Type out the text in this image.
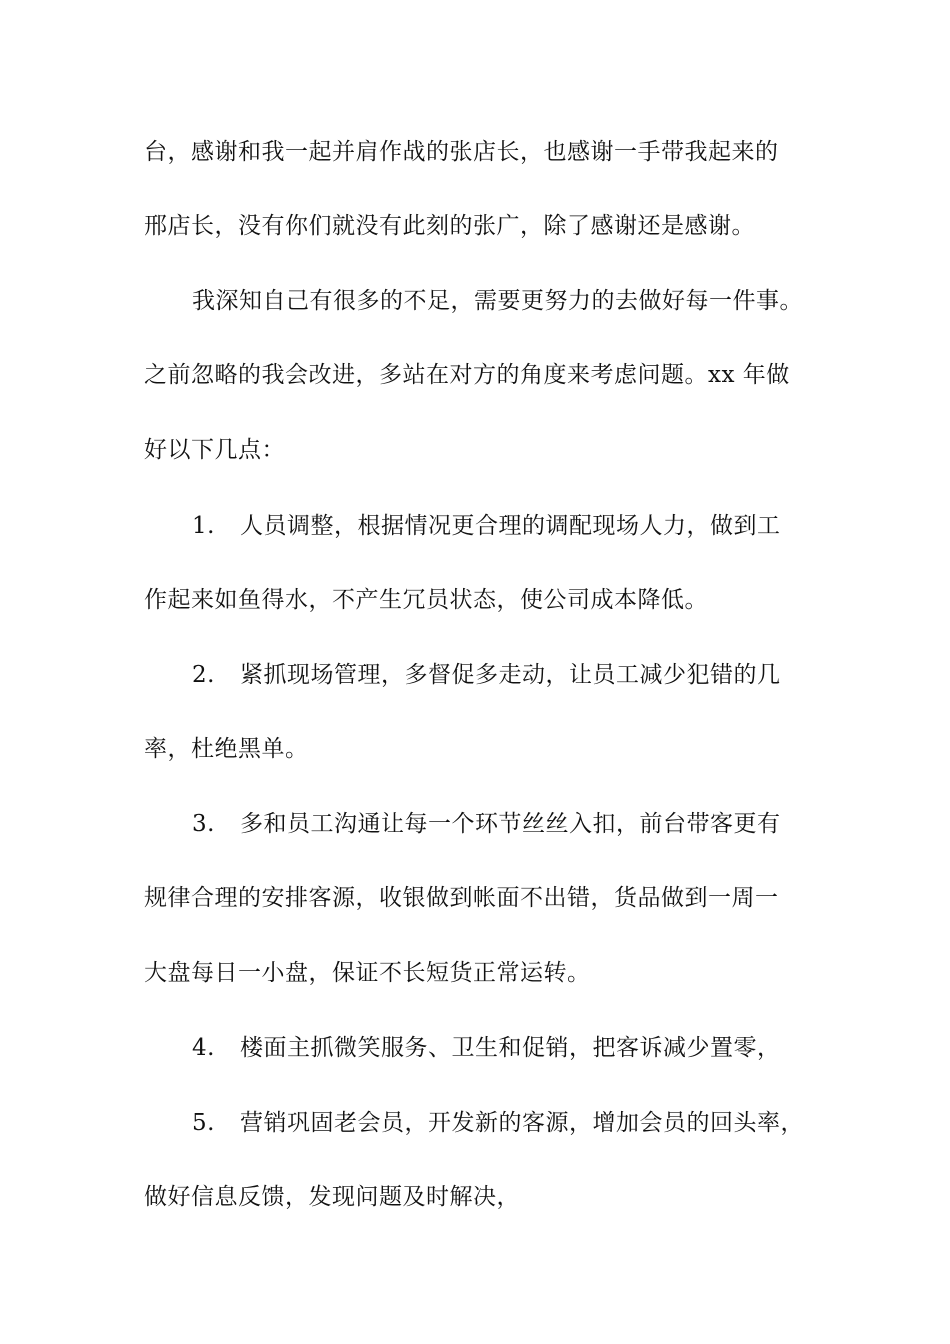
台，感谢和我一起并肩作战的张店长，也感谢一手带我起来的
邢店长，没有你们就没有此刻的张广，除了感谢还是感谢。
我深知自己有很多的不足，需要更努力的去做好每一件事。
之前忽略的我会改进，多站在对方的角度来考虑问题。xx 年做
好以下几点：
1. 人员调整，根据情况更合理的调配现场人力，做到工
作起来如鱼得水，不产生冗员状态，使公司成本降低。
2. 紧抓现场管理，多督促多走动，让员工减少犯错的几
率，杜绝黑单。
3. 多和员工沟通让每一个环节丝丝入扣，前台带客更有
规律合理的安排客源，收银做到帐面不出错，货品做到一周一
大盘每日一小盘，保证不长短货正常运转。
4. 楼面主抓微笑服务、卫生和促销，把客诉减少置零，
5. 营销巩固老会员，开发新的客源，增加会员的回头率，
做好信息反馈，发现问题及时解决，
